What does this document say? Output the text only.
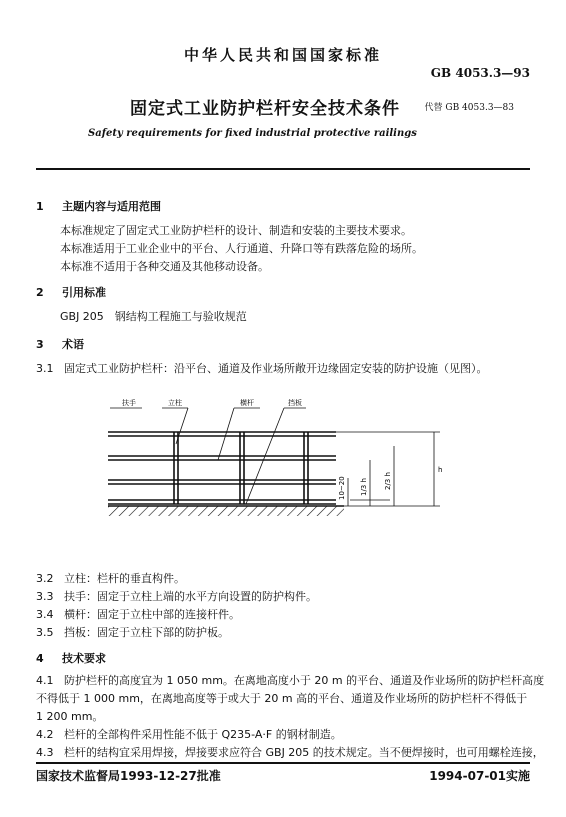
中华人民共和国国家标准
GB 4053.3—93
固定式工业防护栏杆安全技术条件	代替 GB 4053.3—83
Safety requirements for fixed industrial protective railings
1 主题内容与适用范围
本标准规定了固定式工业防护栏杆的设计、制造和安装的主要技术要求。
本标准适用于工业企业中的平台、人行通道、升降口等有跌落危险的场所。
本标准不适用于各种交通及其他移动设备。
2 引用标准
GBJ 205　钢结构工程施工与验收规范
3 术语
3.1 固定式工业防护栏杆：沿平台、通道及作业场所敞开边缘固定安装的防护设施（见图）。
扶手	立柱	横杆	挡板
10~20 1/3 h 2/3 h
h
3.2 立柱：栏杆的垂直构件。
3.3 扶手：固定于立柱上端的水平方向设置的防护构件。
3.4 横杆：固定于立柱中部的连接杆件。
3.5 挡板：固定于立柱下部的防护板。
4 技术要求
4.1 防护栏杆的高度宜为 1 050 mm。在离地高度小于 20 m 的平台、通道及作业场所的防护栏杆高度
不得低于 1 000 mm，在离地高度等于或大于 20 m 高的平台、通道及作业场所的防护栏杆不得低于
1 200 mm。
4.2 栏杆的全部构件采用性能不低于 Q235-A·F 的钢材制造。
4.3 栏杆的结构宜采用焊接，焊接要求应符合 GBJ 205 的技术规定。当不便焊接时，也可用螺栓连接，
国家技术监督局1993-12-27批准	1994-07-01实施
